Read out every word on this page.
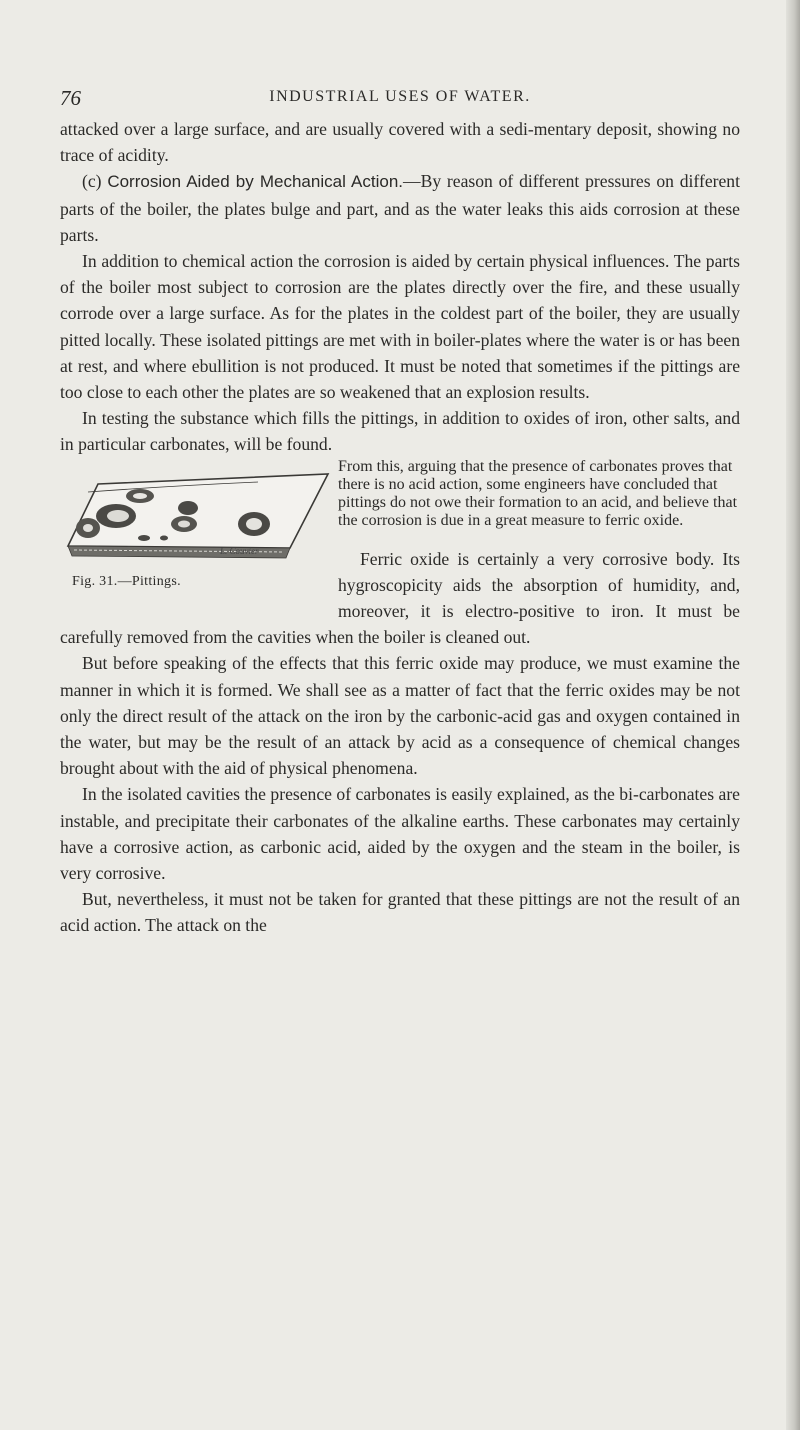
76	INDUSTRIAL USES OF WATER.

attacked over a large surface, and are usually covered with a sedi-mentary deposit, showing no trace of acidity.

(c) Corrosion Aided by Mechanical Action.—By reason of different pressures on different parts of the boiler, the plates bulge and part, and as the water leaks this aids corrosion at these parts.

In addition to chemical action the corrosion is aided by certain physical influences. The parts of the boiler most subject to corrosion are the plates directly over the fire, and these usually corrode over a large surface. As for the plates in the coldest part of the boiler, they are usually pitted locally. These isolated pittings are met with in boiler-plates where the water is or has been at rest, and where ebullition is not produced. It must be noted that sometimes if the pittings are too close to each other the plates are so weakened that an explosion results.

In testing the substance which fills the pittings, in addition to oxides of iron, other salts, and in particular carbonates, will be found.

L. Couvier
Fig. 31.—Pittings.
From this, arguing that the presence of carbonates proves that there is no acid action, some engineers have concluded that pittings do not owe their formation to an acid, and believe that the corrosion is due in a great measure to ferric oxide.

Ferric oxide is certainly a very corrosive body. Its hygroscopicity aids the absorption of humidity, and, moreover, it is electro-positive to iron. It must be carefully removed from the cavities when the boiler is cleaned out.

But before speaking of the effects that this ferric oxide may produce, we must examine the manner in which it is formed. We shall see as a matter of fact that the ferric oxides may be not only the direct result of the attack on the iron by the carbonic-acid gas and oxygen contained in the water, but may be the result of an attack by acid as a consequence of chemical changes brought about with the aid of physical phenomena.

In the isolated cavities the presence of carbonates is easily explained, as the bi-carbonates are instable, and precipitate their carbonates of the alkaline earths. These carbonates may certainly have a corrosive action, as carbonic acid, aided by the oxygen and the steam in the boiler, is very corrosive.

But, nevertheless, it must not be taken for granted that these pittings are not the result of an acid action. The attack on the
